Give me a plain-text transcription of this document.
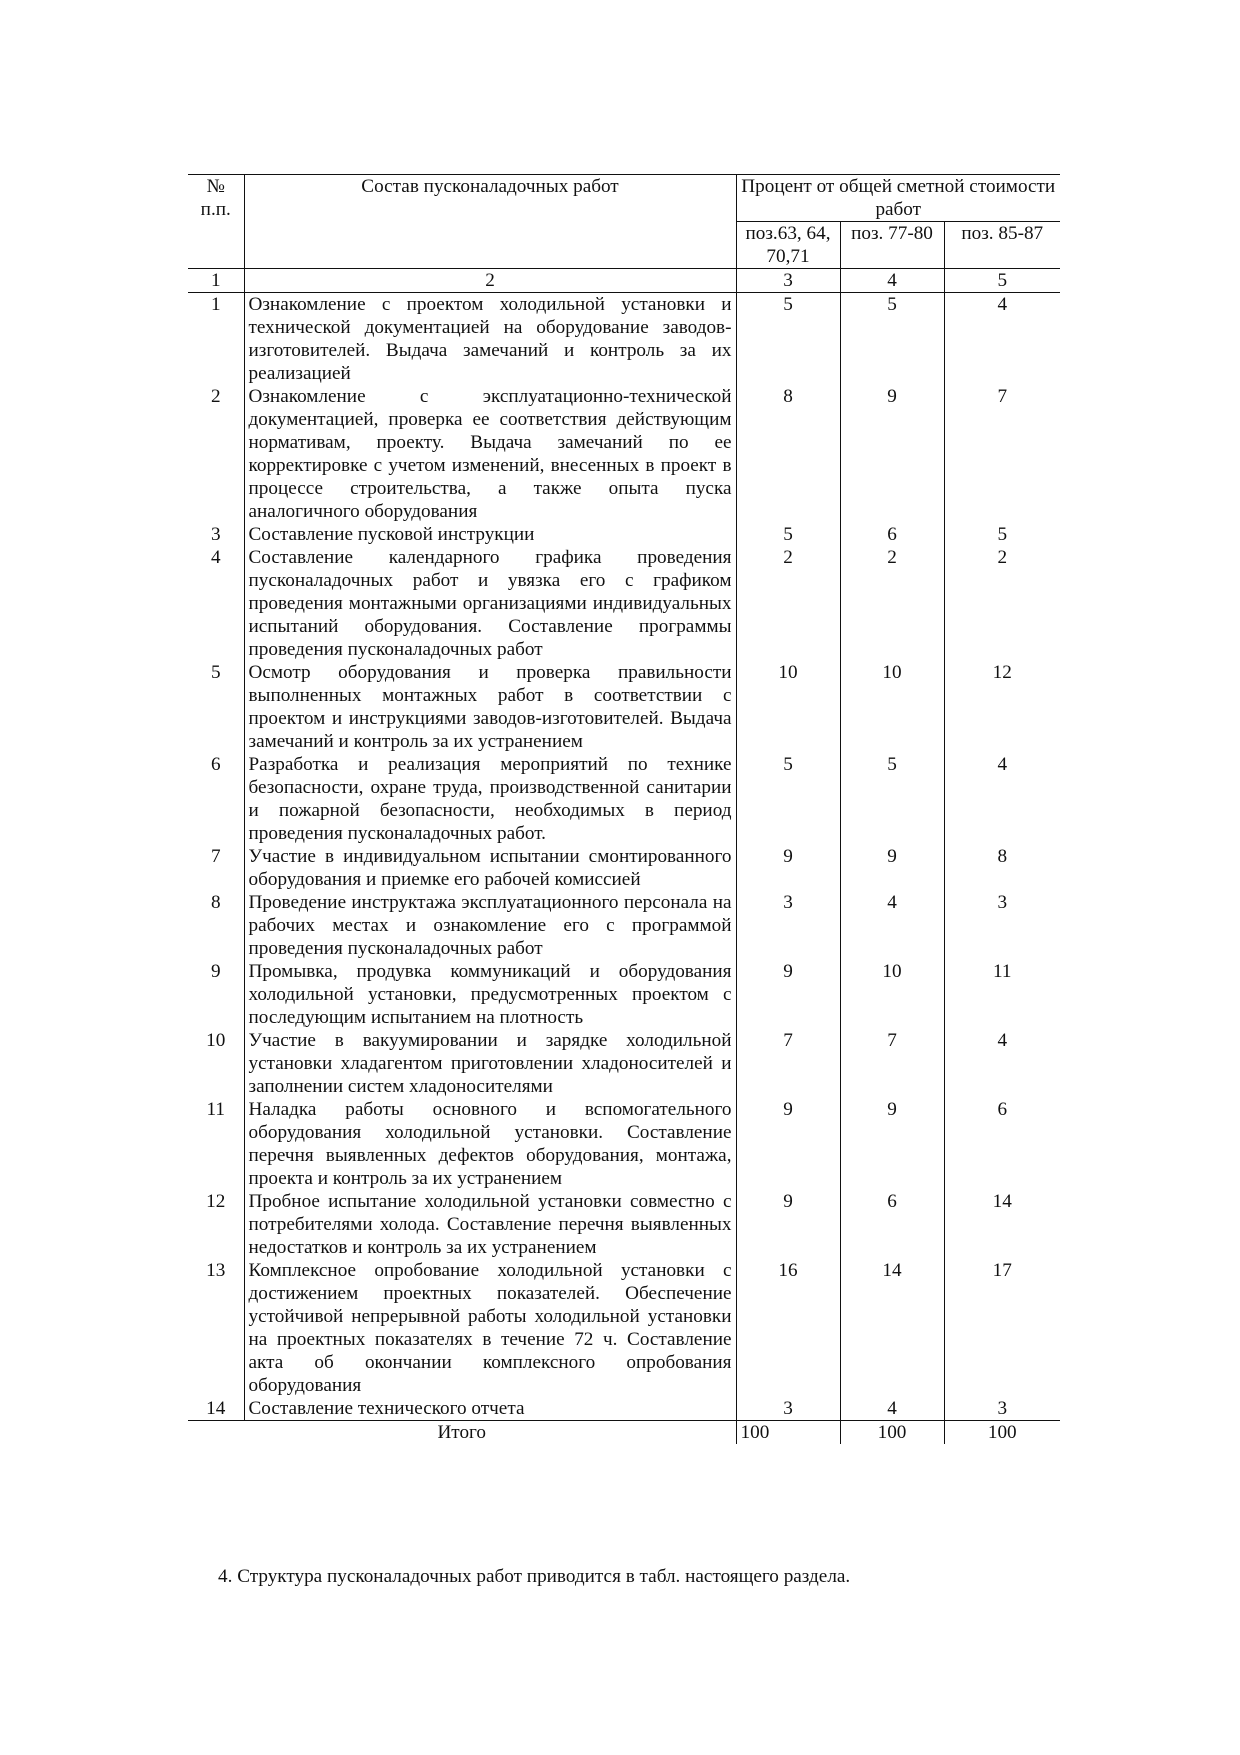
№
п.п.	Состав пусконаладочных работ	Процент от общей сметной стоимости работ		
		поз.63, 64, 70,71	поз. 77-80	поз. 85-87
1	2	3	4	5
1	Ознакомление с проектом холодильной установки и технической документацией на оборудование заводов-изготовителей. Выдача замечаний и контроль за их реализацией	5	5	4
2	Ознакомление с эксплуатационно-технической документацией, проверка ее соответствия действующим нормативам, проекту. Выдача замечаний по ее корректировке с учетом изменений, внесенных в проект в процессе строительства, а также опыта пуска аналогичного оборудования	8	9	7
3	Составление пусковой инструкции	5	6	5
4	Составление календарного графика проведения пусконаладочных работ и увязка его с графиком проведения монтажными организациями индивидуальных испытаний оборудования. Составление программы проведения пусконаладочных работ	2	2	2
5	Осмотр оборудования и проверка правильности выполненных монтажных работ в соответствии с проектом и инструкциями заводов-изготовителей. Выдача замечаний и контроль за их устранением	10	10	12
6	Разработка и реализация мероприятий по технике безопасности, охране труда, производственной санитарии и пожарной безопасности, необходимых в период проведения пусконаладочных работ.	5	5	4
7	Участие в индивидуальном испытании смонтированного оборудования и приемке его рабочей комиссией	9	9	8
8	Проведение инструктажа эксплуатационного персонала на рабочих местах и ознакомление его с программой проведения пусконаладочных работ	3	4	3
9	Промывка, продувка коммуникаций и оборудования холодильной установки, предусмотренных проектом с последующим испытанием на плотность	9	10	11
10	Участие в вакуумировании и зарядке холодильной установки хладагентом приготовлении хладоносителей и заполнении систем хладоносителями	7	7	4
11	Наладка работы основного и вспомогательного оборудования холодильной установки. Составление перечня выявленных дефектов оборудования, монтажа, проекта и контроль за их устранением	9	9	6
12	Пробное испытание холодильной установки совместно с потребителями холода. Составление перечня выявленных недостатков и контроль за их устранением	9	6	14
13	Комплексное опробование холодильной установки с достижением проектных показателей. Обеспечение устойчивой непрерывной работы холодильной установки на проектных показателях в течение 72 ч. Составление акта об окончании комплексного опробования оборудования	16	14	17
14	Составление технического отчета	3	4	3
Итого		100	100	100
4. Структура пусконаладочных работ приводится в табл. настоящего раздела.
